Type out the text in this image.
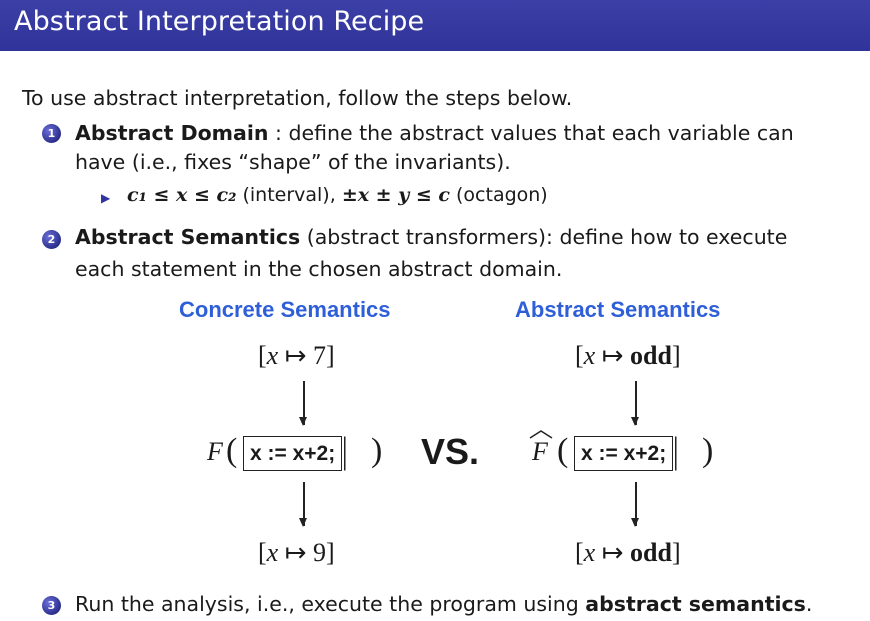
Abstract Interpretation Recipe
To use abstract interpretation, follow the steps below.
1 Abstract Domain : define the abstract values that each variable can
have (i.e., fixes “shape” of the invariants).
▶ c₁ ≤ x ≤ c₂ (interval), ±x ± y ≤ c (octagon)
2 Abstract Semantics (abstract transformers): define how to execute
each statement in the chosen abstract domain.
Concrete Semantics	Abstract Semantics
[x ↦ 7]
F ( x := x+2; )
[x ↦ 9]
VS.
[x ↦ odd]
F ( x := x+2; )
[x ↦ odd]
3 Run the analysis, i.e., execute the program using abstract semantics.
